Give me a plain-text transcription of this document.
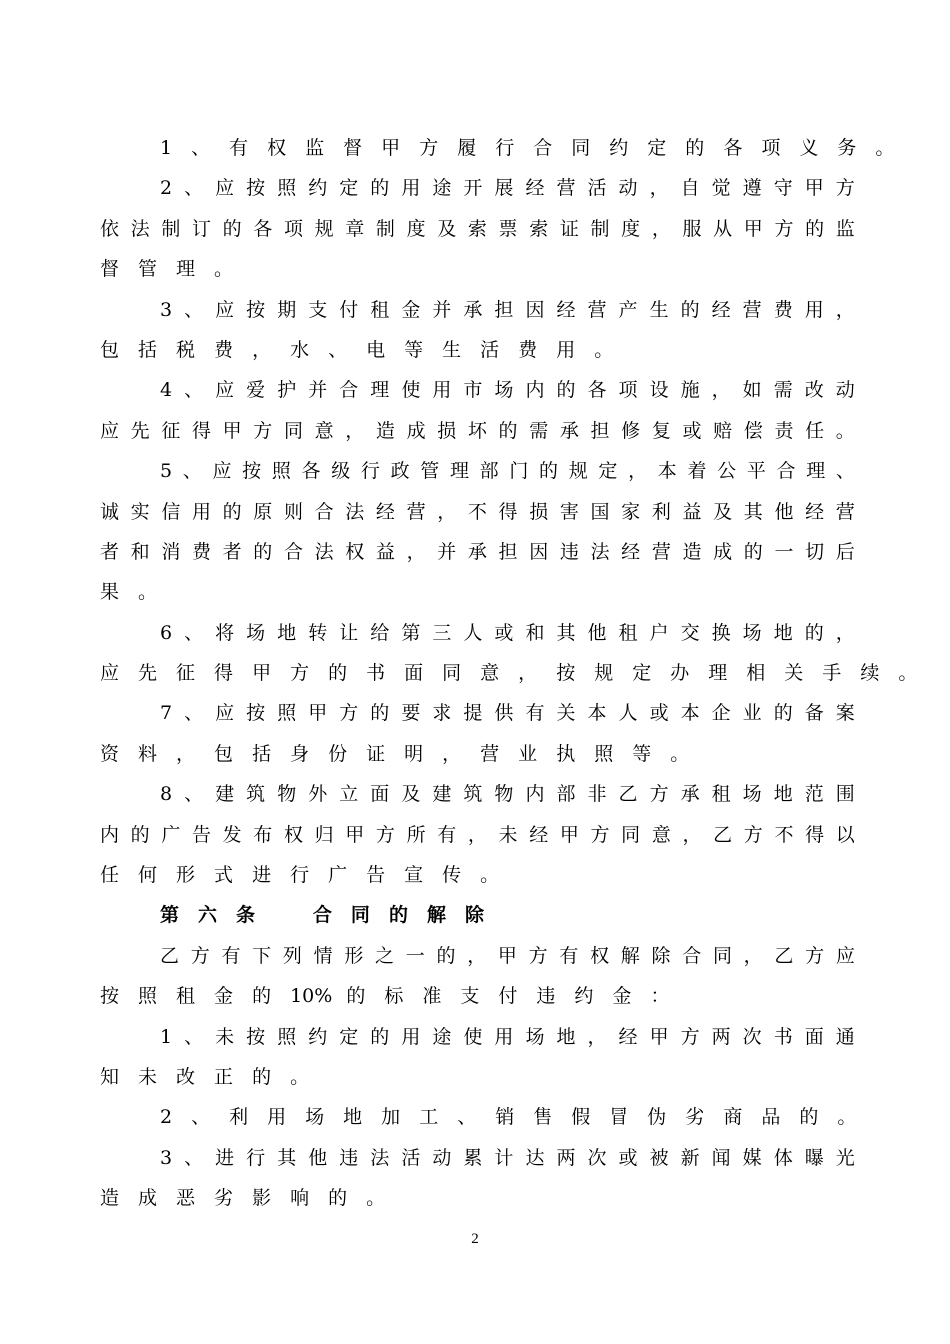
1 、 有 权 监 督 甲 方 履 行 合 同 约 定 的 各 项 义 务 。
2 、 应 按 照 约 定 的 用 途 开 展 经 营 活 动 ， 自 觉 遵 守 甲 方
依 法 制 订 的 各 项 规 章 制 度 及 索 票 索 证 制 度 ， 服 从 甲 方 的 监
督 管 理 。
3 、 应 按 期 支 付 租 金 并 承 担 因 经 营 产 生 的 经 营 费 用 ，
包 括 税 费 ， 水 、 电 等 生 活 费 用 。
4 、 应 爱 护 并 合 理 使 用 市 场 内 的 各 项 设 施 ， 如 需 改 动
应 先 征 得 甲 方 同 意 ， 造 成 损 坏 的 需 承 担 修 复 或 赔 偿 责 任 。
5 、 应 按 照 各 级 行 政 管 理 部 门 的 规 定 ， 本 着 公 平 合 理 、
诚 实 信 用 的 原 则 合 法 经 营 ， 不 得 损 害 国 家 利 益 及 其 他 经 营
者 和 消 费 者 的 合 法 权 益 ， 并 承 担 因 违 法 经 营 造 成 的 一 切 后
果 。
6 、 将 场 地 转 让 给 第 三 人 或 和 其 他 租 户 交 换 场 地 的 ，
应 先 征 得 甲 方 的 书 面 同 意 ， 按 规 定 办 理 相 关 手 续 。
7 、 应 按 照 甲 方 的 要 求 提 供 有 关 本 人 或 本 企 业 的 备 案
资 料 ， 包 括 身 份 证 明 ， 营 业 执 照 等 。
8 、 建 筑 物 外 立 面 及 建 筑 物 内 部 非 乙 方 承 租 场 地 范 围
内 的 广 告 发 布 权 归 甲 方 所 有 ， 未 经 甲 方 同 意 ， 乙 方 不 得 以
任 何 形 式 进 行 广 告 宣 传 。
第 六 条
	合 同 的 解 除
乙 方 有 下 列 情 形 之 一 的 ， 甲 方 有 权 解 除 合 同 ， 乙 方 应
按 照 租 金 的 10% 的 标 准 支 付 违 约 金 ：
1 、 未 按 照 约 定 的 用 途 使 用 场 地 ， 经 甲 方 两 次 书 面 通
知 未 改 正 的 。
2 、 利 用 场 地 加 工 、 销 售 假 冒 伪 劣 商 品 的 。
3 、 进 行 其 他 违 法 活 动 累 计 达 两 次 或 被 新 闻 媒 体 曝 光
造 成 恶 劣 影 响 的 。
2
